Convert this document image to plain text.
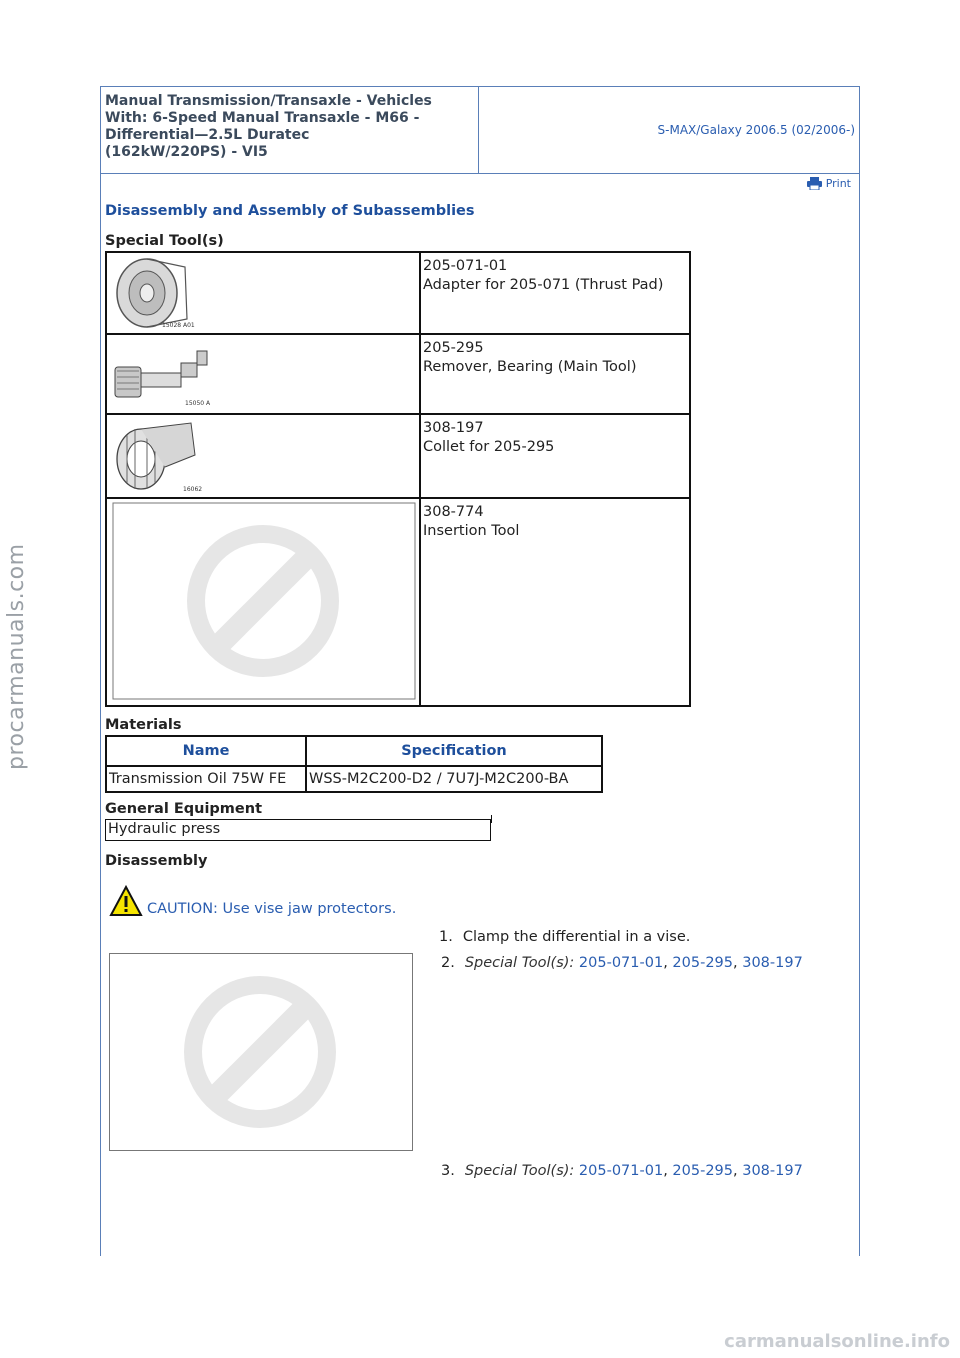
Manual Transmission/Transaxle - Vehicles
With: 6-Speed Manual Transaxle - M66 -
Differential—2.5L Duratec
(162kW/220PS) - VI5
S-MAX/Galaxy 2006.5 (02/2006-)
Print
Disassembly and Assembly of Subassemblies
Special Tool(s)
15028 A01	205-071-01
Adapter for 205-071 (Thrust Pad)

15050 A	205-295
Remover, Bearing (Main Tool)

16062	308-197
Collet for 205-295

308-774
Insertion Tool
Materials
Name	Specification
Transmission Oil 75W FE	WSS-M2C200-D2 / 7U7J-M2C200-BA
General Equipment
Hydraulic press
Disassembly
CAUTION: Use vise jaw protectors.
1. Clamp the differential in a vise.
2. Special Tool(s): 205-071-01, 205-295, 308-197
3. Special Tool(s): 205-071-01, 205-295, 308-197
procarmanuals.com
carmanualsonline.info
